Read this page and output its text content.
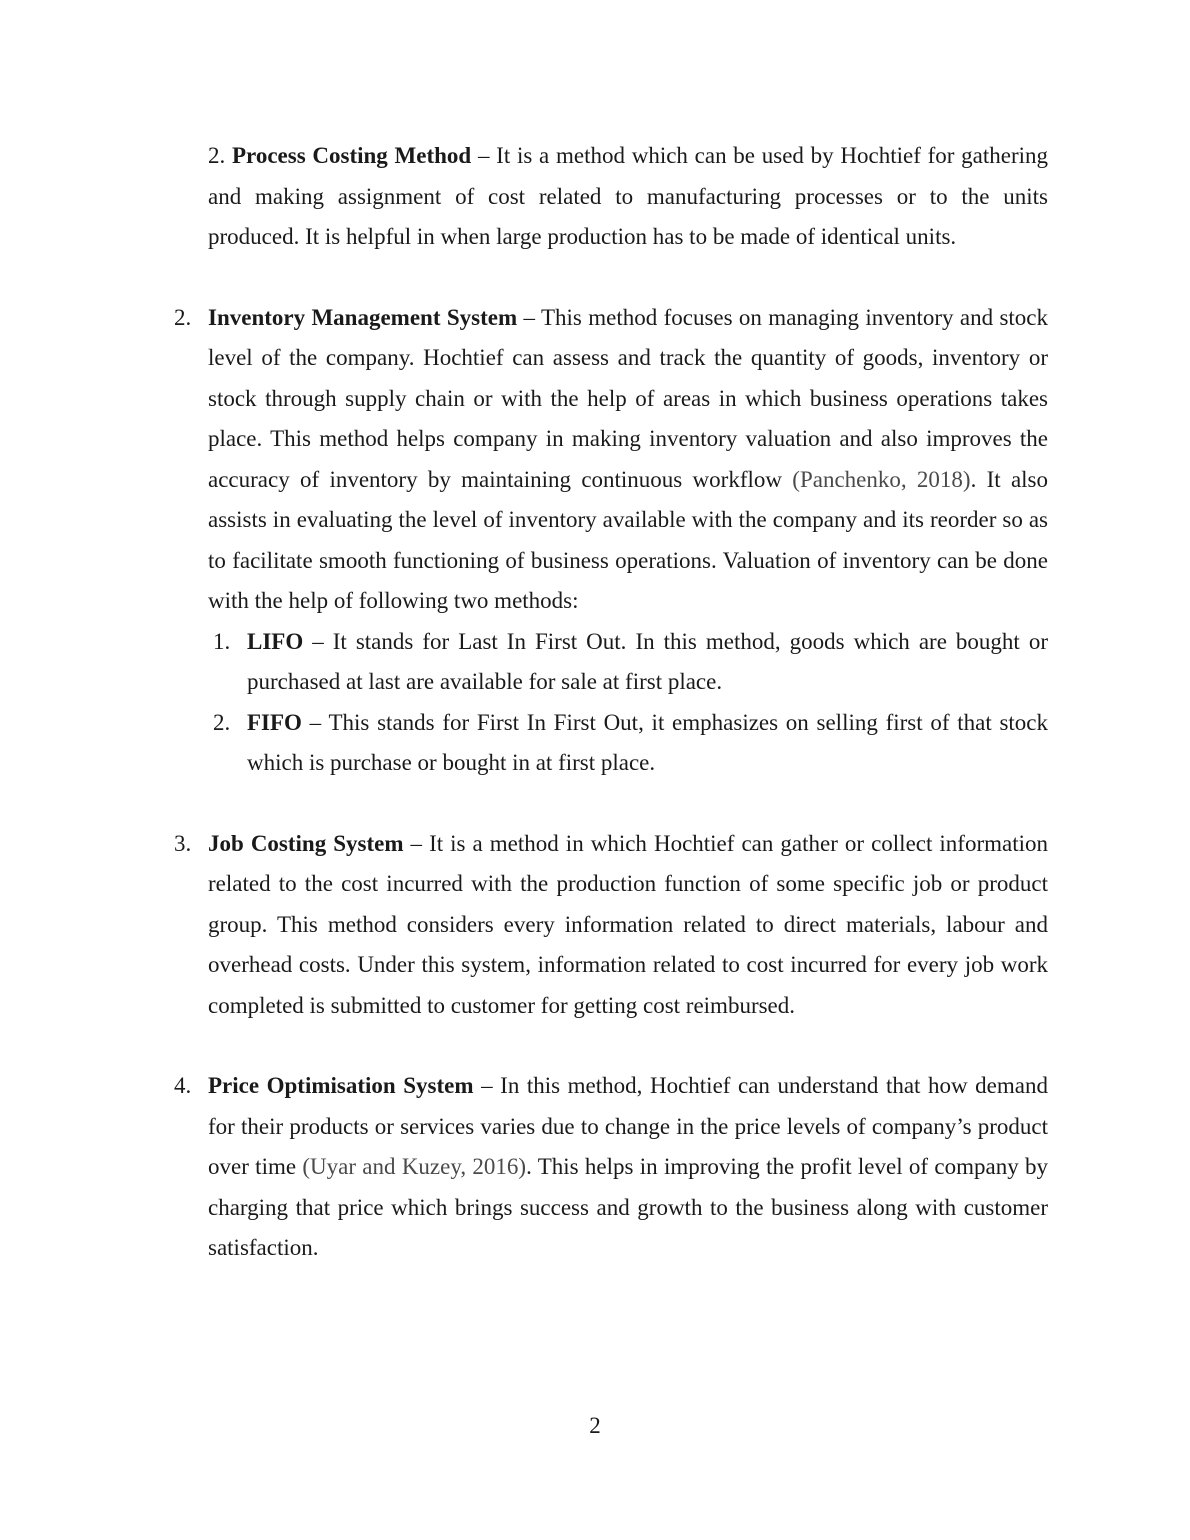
2. Process Costing Method – It is a method which can be used by Hochtief for gathering and making assignment of cost related to manufacturing processes or to the units produced. It is helpful in when large production has to be made of identical units.
2. Inventory Management System – This method focuses on managing inventory and stock level of the company. Hochtief can assess and track the quantity of goods, inventory or stock through supply chain or with the help of areas in which business operations takes place. This method helps company in making inventory valuation and also improves the accuracy of inventory by maintaining continuous workflow (Panchenko, 2018). It also assists in evaluating the level of inventory available with the company and its reorder so as to facilitate smooth functioning of business operations. Valuation of inventory can be done with the help of following two methods:
1. LIFO – It stands for Last In First Out. In this method, goods which are bought or purchased at last are available for sale at first place.
2. FIFO – This stands for First In First Out, it emphasizes on selling first of that stock which is purchase or bought in at first place.
3. Job Costing System – It is a method in which Hochtief can gather or collect information related to the cost incurred with the production function of some specific job or product group. This method considers every information related to direct materials, labour and overhead costs. Under this system, information related to cost incurred for every job work completed is submitted to customer for getting cost reimbursed.
4. Price Optimisation System – In this method, Hochtief can understand that how demand for their products or services varies due to change in the price levels of company’s product over time (Uyar and Kuzey, 2016). This helps in improving the profit level of company by charging that price which brings success and growth to the business along with customer satisfaction.
2
